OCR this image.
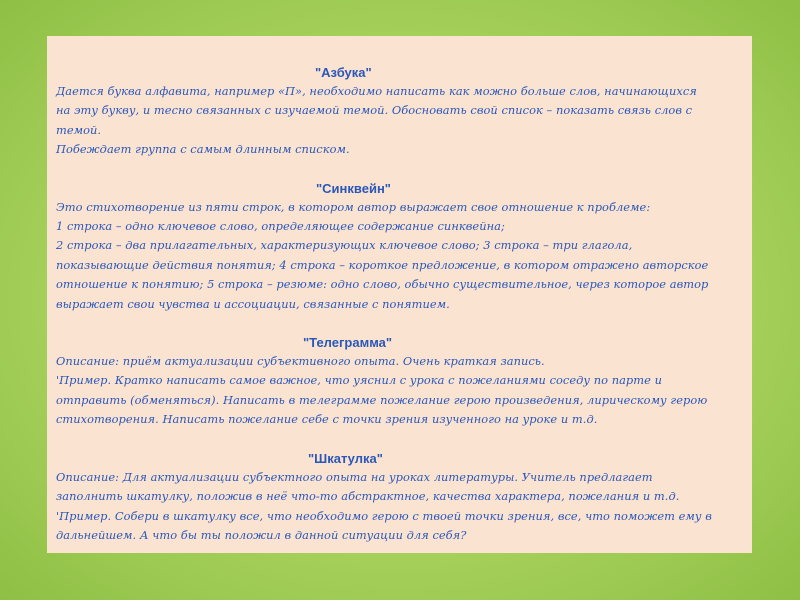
"Азбука"
Дается буква алфавита, например «П», необходимо написать как можно больше слов, начинающихся
на эту букву, и тесно связанных с изучаемой темой. Обосновать свой список – показать связь слов с
темой.
Побеждает группа с самым длинным списком.
"Синквейн"
Это стихотворение из пяти строк, в котором автор выражает свое отношение к проблеме:
1 строка – одно ключевое слово, определяющее содержание синквейна;
2 строка – два прилагательных, характеризующих ключевое слово; 3 строка – три глагола,
показывающие действия понятия; 4 строка – короткое предложение, в котором отражено авторское
отношение к понятию; 5 строка – резюме: одно слово, обычно существительное, через которое автор
выражает свои чувства и ассоциации, связанные с понятием.
"Телеграмма"
Описание: приём актуализации субъективного опыта. Очень краткая запись.
'Пример. Кратко написать самое важное, что уяснил с урока с пожеланиями соседу по парте и
отправить (обменяться). Написать в телеграмме пожелание герою произведения, лирическому герою
стихотворения. Написать пожелание себе с точки зрения изученного на уроке и т.д.
"Шкатулка"
Описание: Для актуализации субъектного опыта на уроках литературы. Учитель предлагает
заполнить шкатулку, положив в неё что-то абстрактное, качества характера, пожелания и т.д.
'Пример. Собери в шкатулку все, что необходимо герою с твоей точки зрения, все, что поможет ему в
дальнейшем. А что бы ты положил в данной ситуации для себя?
